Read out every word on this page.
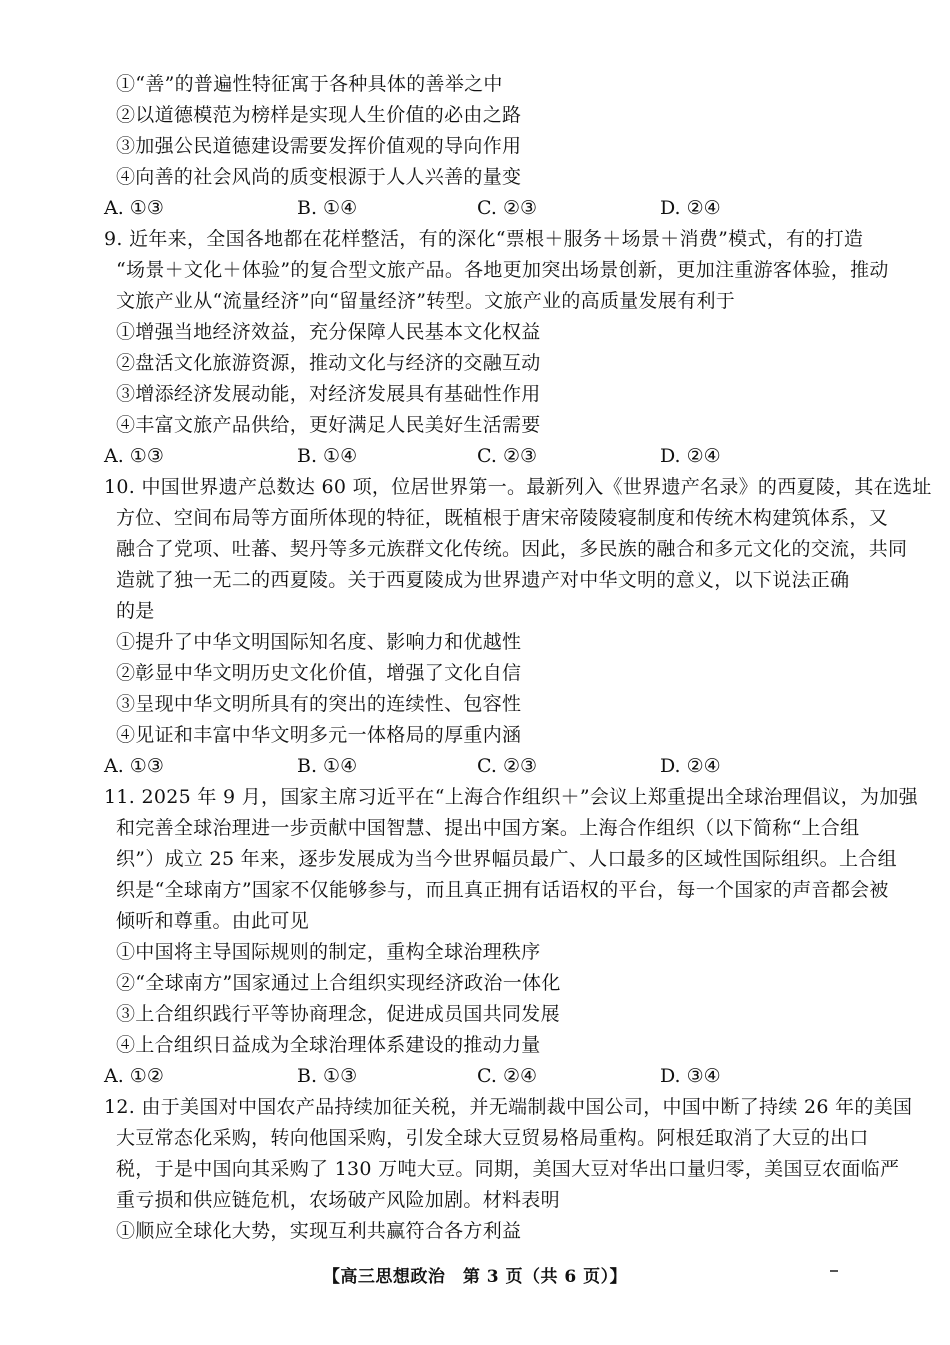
①“善”的普遍性特征寓于各种具体的善举之中
②以道德模范为榜样是实现人生价值的必由之路
③加强公民道德建设需要发挥价值观的导向作用
④向善的社会风尚的质变根源于人人兴善的量变
A. ①③	B. ①④	C. ②③	D. ②④
9. 近年来，全国各地都在花样整活，有的深化“票根＋服务＋场景＋消费”模式，有的打造
“场景＋文化＋体验”的复合型文旅产品。各地更加突出场景创新，更加注重游客体验，推动
文旅产业从“流量经济”向“留量经济”转型。文旅产业的高质量发展有利于
①增强当地经济效益，充分保障人民基本文化权益
②盘活文化旅游资源，推动文化与经济的交融互动
③增添经济发展动能，对经济发展具有基础性作用
④丰富文旅产品供给，更好满足人民美好生活需要
A. ①③	B. ①④	C. ②③	D. ②④
10. 中国世界遗产总数达 60 项，位居世界第一。最新列入《世界遗产名录》的西夏陵，其在选址
方位、空间布局等方面所体现的特征，既植根于唐宋帝陵陵寝制度和传统木构建筑体系，又
融合了党项、吐蕃、契丹等多元族群文化传统。因此，多民族的融合和多元文化的交流，共同
造就了独一无二的西夏陵。关于西夏陵成为世界遗产对中华文明的意义，以下说法正确
的是
①提升了中华文明国际知名度、影响力和优越性
②彰显中华文明历史文化价值，增强了文化自信
③呈现中华文明所具有的突出的连续性、包容性
④见证和丰富中华文明多元一体格局的厚重内涵
A. ①③	B. ①④	C. ②③	D. ②④
11. 2025 年 9 月，国家主席习近平在“上海合作组织＋”会议上郑重提出全球治理倡议，为加强
和完善全球治理进一步贡献中国智慧、提出中国方案。上海合作组织（以下简称“上合组
织”）成立 25 年来，逐步发展成为当今世界幅员最广、人口最多的区域性国际组织。上合组
织是“全球南方”国家不仅能够参与，而且真正拥有话语权的平台，每一个国家的声音都会被
倾听和尊重。由此可见
①中国将主导国际规则的制定，重构全球治理秩序
②“全球南方”国家通过上合组织实现经济政治一体化
③上合组织践行平等协商理念，促进成员国共同发展
④上合组织日益成为全球治理体系建设的推动力量
A. ①②	B. ①③	C. ②④	D. ③④
12. 由于美国对中国农产品持续加征关税，并无端制裁中国公司，中国中断了持续 26 年的美国
大豆常态化采购，转向他国采购，引发全球大豆贸易格局重构。阿根廷取消了大豆的出口
税，于是中国向其采购了 130 万吨大豆。同期，美国大豆对华出口量归零，美国豆农面临严
重亏损和供应链危机，农场破产风险加剧。材料表明
【高三思想政治　第 3 页（共 6 页）】
①顺应全球化大势，实现互利共赢符合各方利益
